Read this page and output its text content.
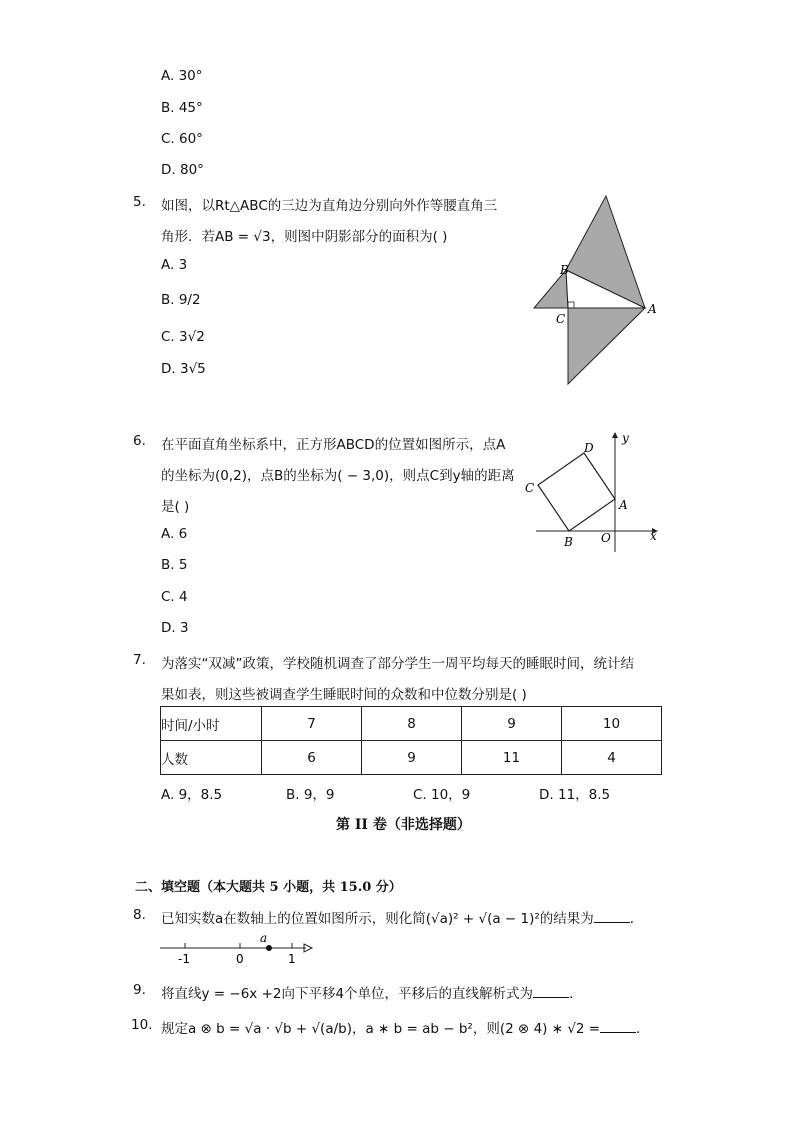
A. 30°
B. 45°
C. 60°
D. 80°
5. 如图，以Rt△ABC的三边为直角边分别向外作等腰直角三
角形．若AB = √3，则图中阴影部分的面积为( )
A. 3
B. 9/2
C. 3√2
D. 3√5
B
C
A
6. 在平面直角坐标系中，正方形ABCD的位置如图所示，点A
的坐标为(0,2)，点B的坐标为( − 3,0)，则点C到y轴的距离
是( )
A. 6
B. 5
C. 4
D. 3
y
x
D
C
A
B O
7. 为落实“双减”政策，学校随机调查了部分学生一周平均每天的睡眠时间，统计结
果如表，则这些被调查学生睡眠时间的众数和中位数分别是( )
时间/小时	7	8	9	10
人数	6	9	11	4
A. 9，8.5	B. 9，9	C. 10，9	D. 11，8.5
第 II 卷（非选择题）
二、填空题（本大题共 5 小题，共 15.0 分）
8. 已知实数a在数轴上的位置如图所示，则化简(√a)² + √(a − 1)²的结果为	．
a
-1	0	1
9. 将直线y = −6x +2向下平移4个单位，平移后的直线解析式为	．
10. 规定a ⊗ b = √a · √b + √(a/b)，a ∗ b = ab − b²，则(2 ⊗ 4) ∗ √2 =	．
